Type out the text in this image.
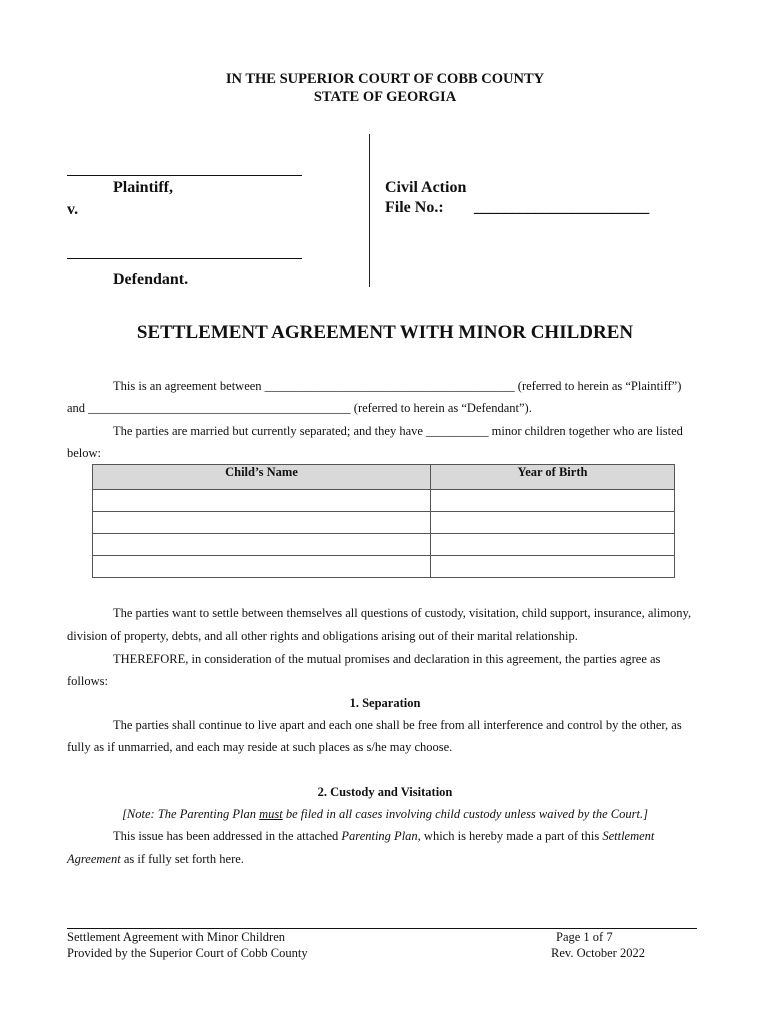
IN THE SUPERIOR COURT OF COBB COUNTY
STATE OF GEORGIA
Plaintiff,
v.
Defendant.
Civil Action
File No.: _______________________
SETTLEMENT AGREEMENT WITH MINOR CHILDREN
This is an agreement between ________________________________________ (referred to herein as “Plaintiff”)
and __________________________________________ (referred to herein as “Defendant”).
The parties are married but currently separated; and they have __________ minor children together who are listed
below:
Child’s Name	Year of Birth

The parties want to settle between themselves all questions of custody, visitation, child support, insurance, alimony,
division of property, debts, and all other rights and obligations arising out of their marital relationship.
THEREFORE, in consideration of the mutual promises and declaration in this agreement, the parties agree as
follows:
1. Separation
The parties shall continue to live apart and each one shall be free from all interference and control by the other, as
fully as if unmarried, and each may reside at such places as s/he may choose.
2. Custody and Visitation
[Note: The Parenting Plan must be filed in all cases involving child custody unless waived by the Court.]
This issue has been addressed in the attached Parenting Plan, which is hereby made a part of this Settlement
Agreement as if fully set forth here.
Settlement Agreement with Minor Children
Provided by the Superior Court of Cobb County
Page 1 of 7
Rev. October 2022
